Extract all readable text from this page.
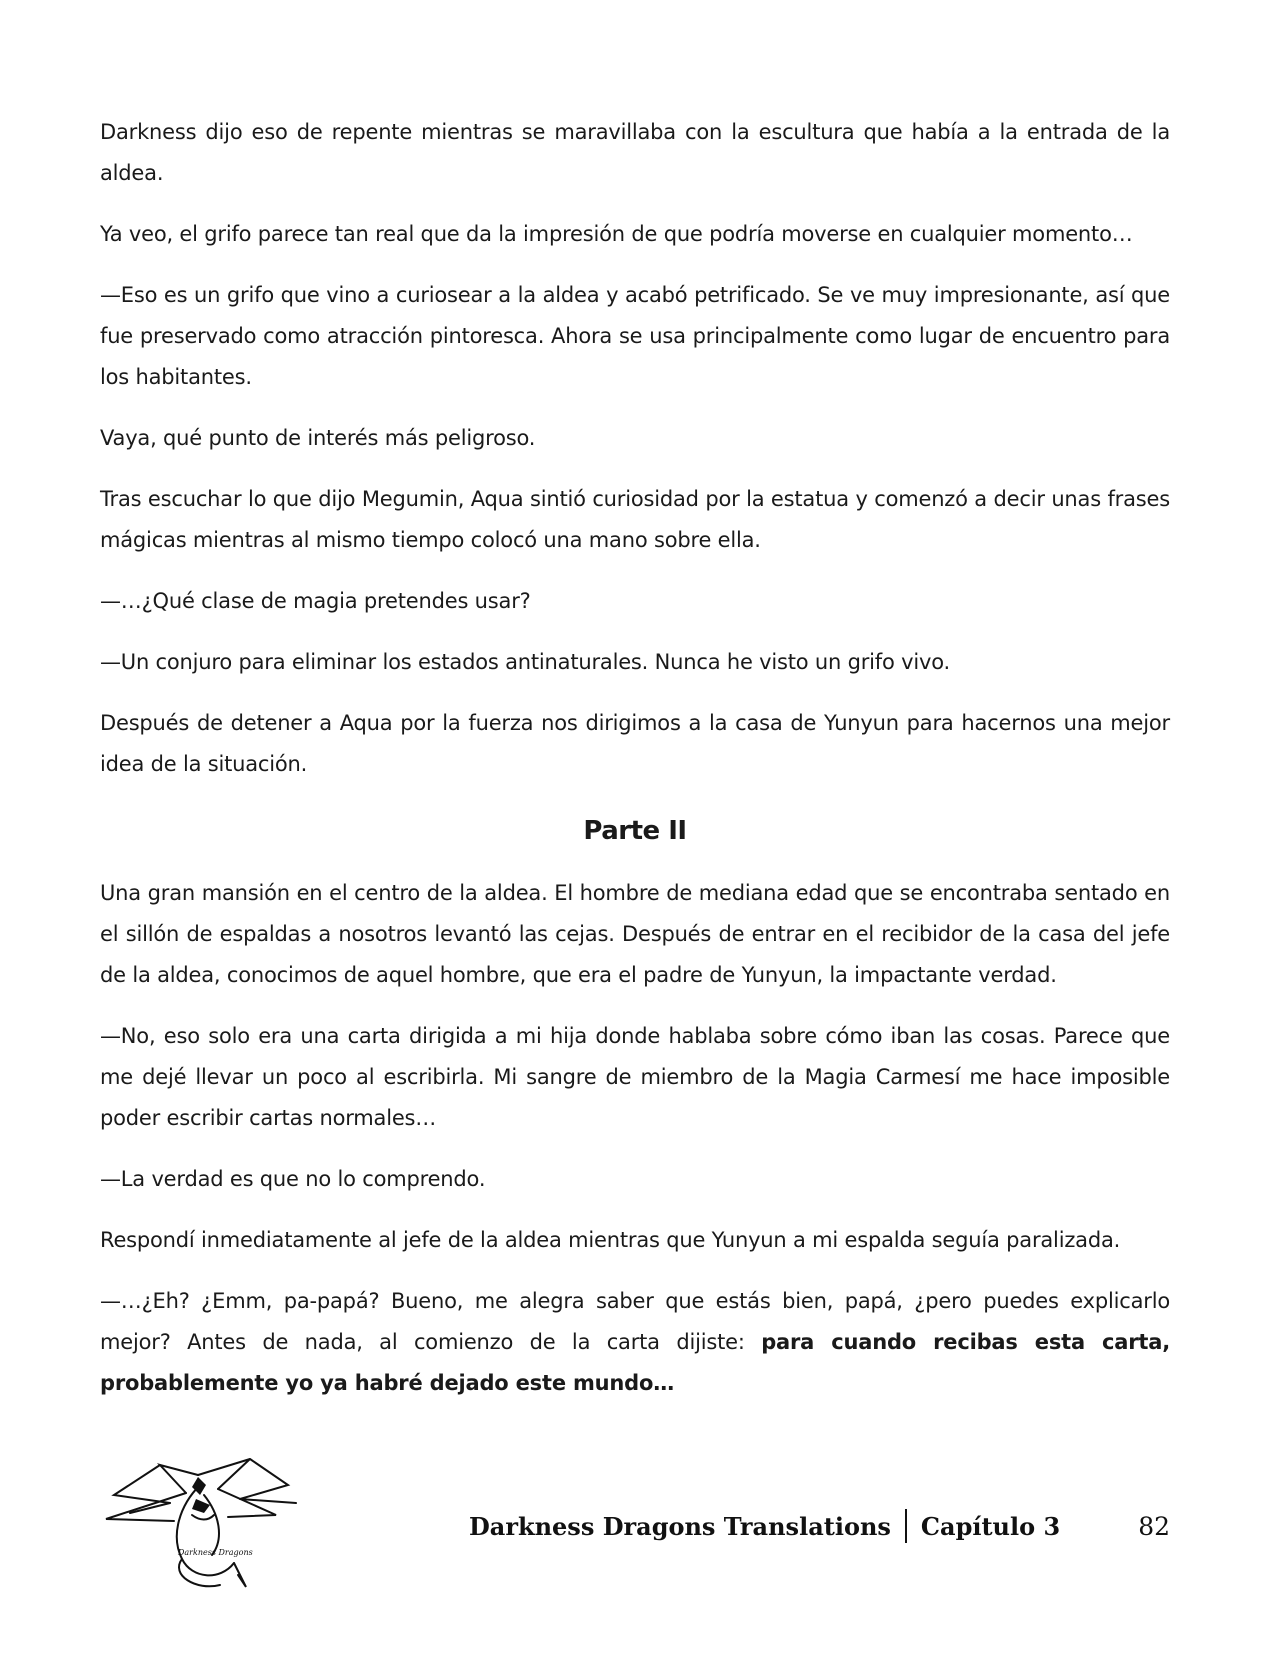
Darkness dijo eso de repente mientras se maravillaba con la escultura que había a la entrada de la aldea.

Ya veo, el grifo parece tan real que da la impresión de que podría moverse en cualquier momento…

—Eso es un grifo que vino a curiosear a la aldea y acabó petrificado. Se ve muy impresionante, así que fue preservado como atracción pintoresca. Ahora se usa principalmente como lugar de encuentro para los habitantes.

Vaya, qué punto de interés más peligroso.

Tras escuchar lo que dijo Megumin, Aqua sintió curiosidad por la estatua y comenzó a decir unas frases mágicas mientras al mismo tiempo colocó una mano sobre ella.

—…¿Qué clase de magia pretendes usar?

—Un conjuro para eliminar los estados antinaturales. Nunca he visto un grifo vivo.

Después de detener a Aqua por la fuerza nos dirigimos a la casa de Yunyun para hacernos una mejor idea de la situación.

Parte II

Una gran mansión en el centro de la aldea. El hombre de mediana edad que se encontraba sentado en el sillón de espaldas a nosotros levantó las cejas. Después de entrar en el recibidor de la casa del jefe de la aldea, conocimos de aquel hombre, que era el padre de Yunyun, la impactante verdad.

—No, eso solo era una carta dirigida a mi hija donde hablaba sobre cómo iban las cosas. Parece que me dejé llevar un poco al escribirla. Mi sangre de miembro de la Magia Carmesí me hace imposible poder escribir cartas normales…

—La verdad es que no lo comprendo.

Respondí inmediatamente al jefe de la aldea mientras que Yunyun a mi espalda seguía paralizada.

—…¿Eh? ¿Emm, pa-papá? Bueno, me alegra saber que estás bien, papá, ¿pero puedes explicarlo mejor? Antes de nada, al comienzo de la carta dijiste: para cuando recibas esta carta, probablemente yo ya habré dejado este mundo…

Darkness Dragons
Darkness Dragons Translations Capítulo 3	82
